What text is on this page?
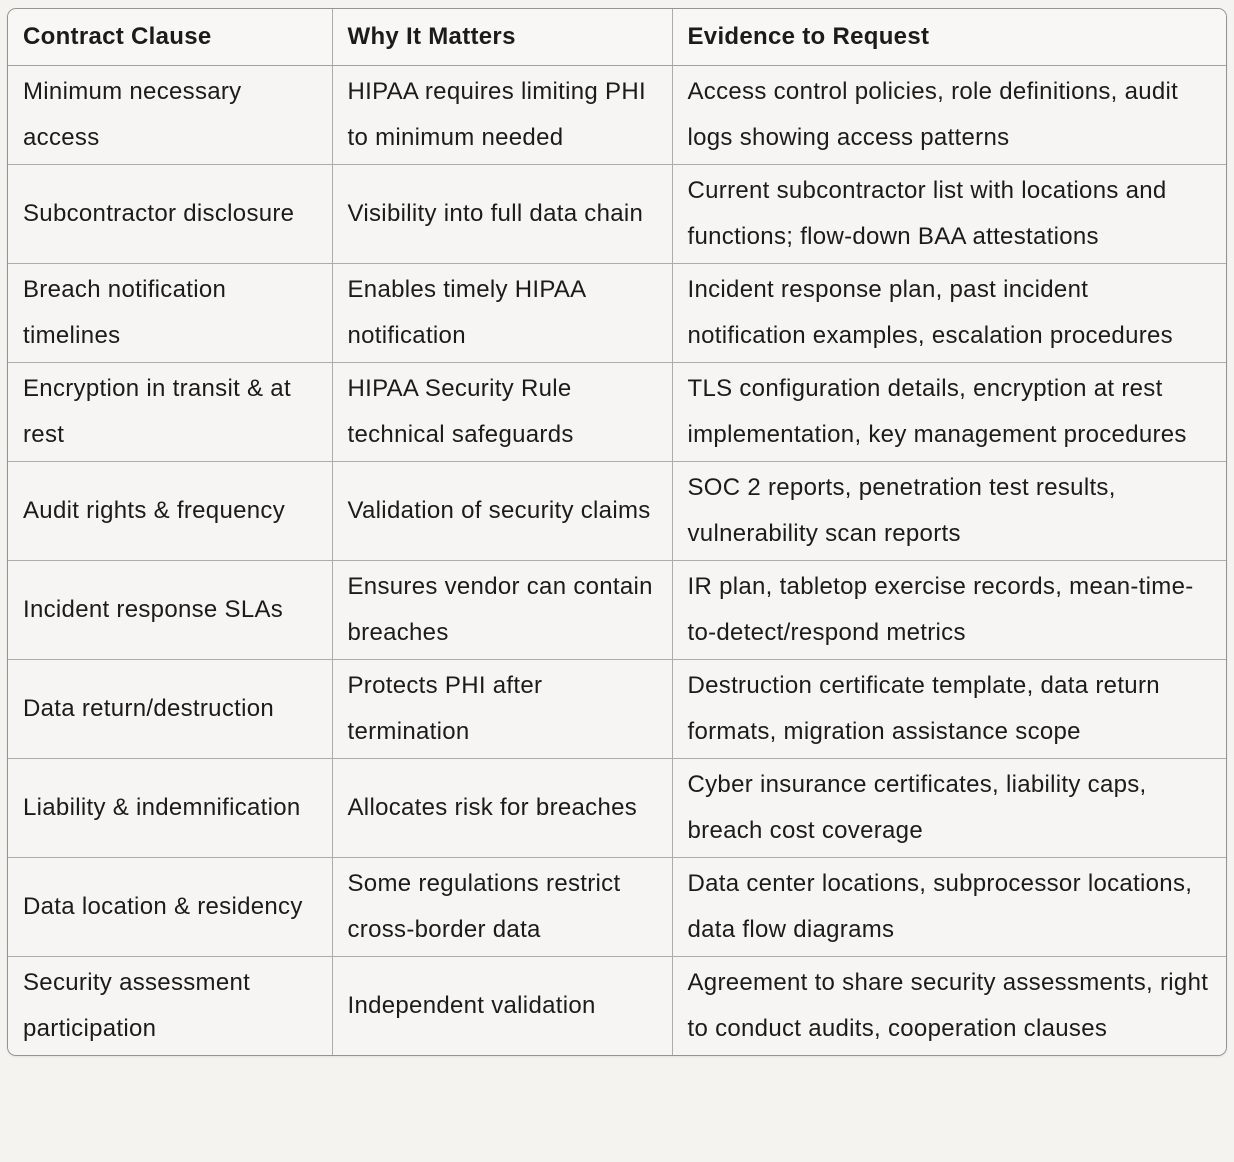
Contract Clause	Why It Matters	Evidence to Request
Minimum necessary access	HIPAA requires limiting PHI to minimum needed	Access control policies, role definitions, audit logs showing access patterns
Subcontractor disclosure	Visibility into full data chain	Current subcontractor list with locations and functions; flow-down BAA attestations
Breach notification timelines	Enables timely HIPAA notification	Incident response plan, past incident notification examples, escalation procedures
Encryption in transit & at rest	HIPAA Security Rule technical safeguards	TLS configuration details, encryption at rest implementation, key management procedures
Audit rights & frequency	Validation of security claims	SOC 2 reports, penetration test results, vulnerability scan reports
Incident response SLAs	Ensures vendor can contain breaches	IR plan, tabletop exercise records, mean-time-to-detect/respond metrics
Data return/destruction	Protects PHI after termination	Destruction certificate template, data return formats, migration assistance scope
Liability & indemnification	Allocates risk for breaches	Cyber insurance certificates, liability caps, breach cost coverage
Data location & residency	Some regulations restrict cross-border data	Data center locations, subprocessor locations, data flow diagrams
Security assessment participation	Independent validation	Agreement to share security assessments, right to conduct audits, cooperation clauses
